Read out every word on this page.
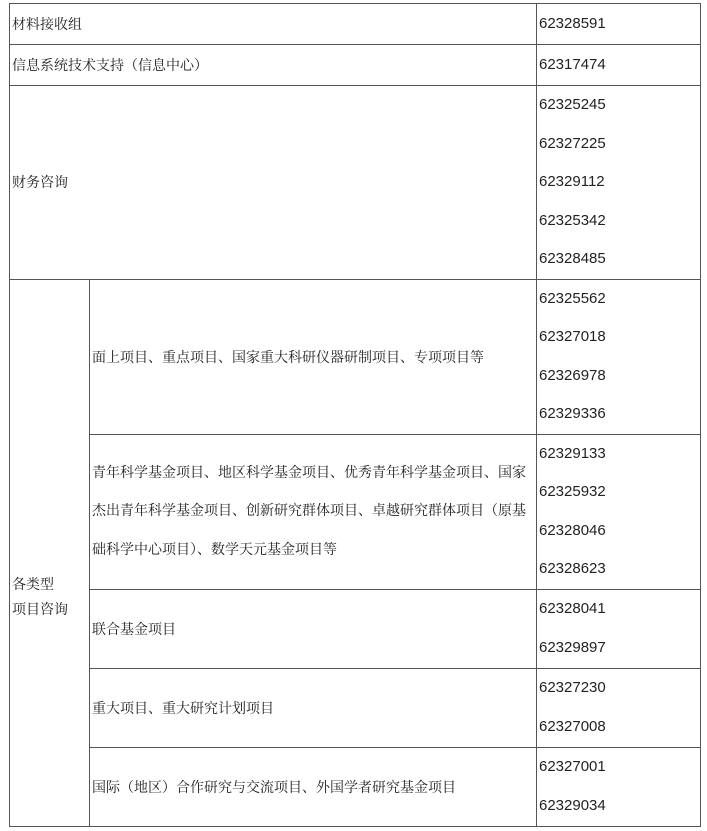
材料接收组		62328591

信息系统技术支持（信息中心）		62317474

财务咨询		62325245
62327225
62329112
62325342
62328485

各类型
项目咨询	面上项目、重点项目、国家重大科研仪器研制项目、专项项目等	62325562
62327018
62326978
62329336

	青年科学基金项目、地区科学基金项目、优秀青年科学基金项目、国家杰出青年科学基金项目、创新研究群体项目、卓越研究群体项目（原基础科学中心项目）、数学天元基金项目等	62329133
62325932
62328046
62328623

	联合基金项目	62328041
62329897

	重大项目、重大研究计划项目	62327230
62327008

	国际（地区）合作研究与交流项目、外国学者研究基金项目	62327001
62329034
